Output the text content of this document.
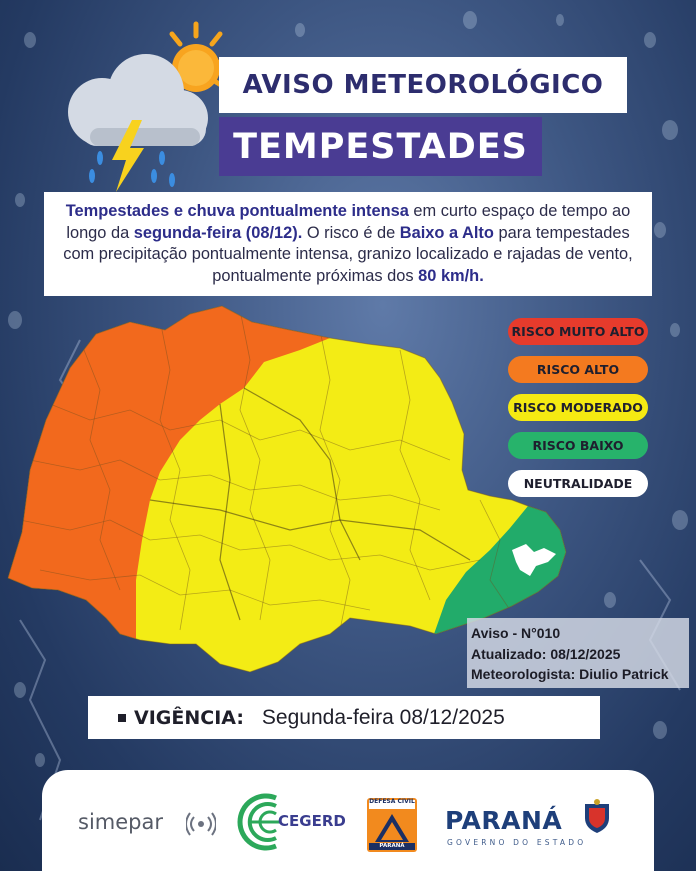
AVISO METEOROLÓGICO
TEMPESTADES
Tempestades e chuva pontualmente intensa em curto espaço de tempo ao longo da segunda-feira (08/12). O risco é de Baixo a Alto para tempestades com precipitação pontualmente intensa, granizo localizado e rajadas de vento, pontualmente próximas dos 80 km/h.
RISCO MUITO ALTO
RISCO ALTO
RISCO MODERADO
RISCO BAIXO
NEUTRALIDADE
Aviso - N°010
Atualizado: 08/12/2025
Meteorologista: Diulio Patrick
VIGÊNCIA: Segunda-feira 08/12/2025
simepar	CEGERD
DEFESA CIVIL
PARANÁ
PARANÁ
GOVERNO DO ESTADO
